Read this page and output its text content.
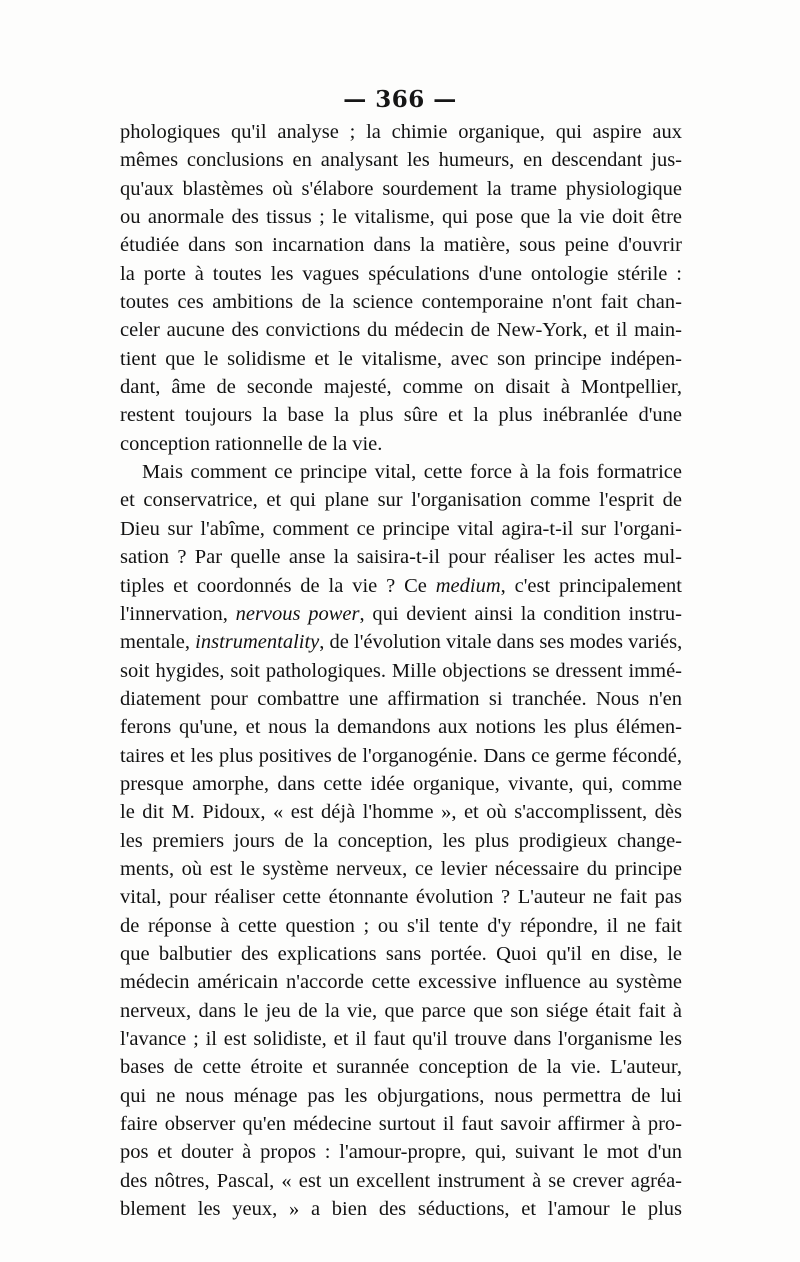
— 366 —
phologiques qu'il analyse ; la chimie organique, qui aspire aux
mêmes conclusions en analysant les humeurs, en descendant jus-
qu'aux blastèmes où s'élabore sourdement la trame physiologique
ou anormale des tissus ; le vitalisme, qui pose que la vie doit être
étudiée dans son incarnation dans la matière, sous peine d'ouvrir
la porte à toutes les vagues spéculations d'une ontologie stérile :
toutes ces ambitions de la science contemporaine n'ont fait chan-
celer aucune des convictions du médecin de New-York, et il main-
tient que le solidisme et le vitalisme, avec son principe indépen-
dant, âme de seconde majesté, comme on disait à Montpellier,
restent toujours la base la plus sûre et la plus inébranlée d'une
conception rationnelle de la vie.
Mais comment ce principe vital, cette force à la fois formatrice
et conservatrice, et qui plane sur l'organisation comme l'esprit de
Dieu sur l'abîme, comment ce principe vital agira-t-il sur l'organi-
sation ? Par quelle anse la saisira-t-il pour réaliser les actes mul-
tiples et coordonnés de la vie ? Ce medium, c'est principalement
l'innervation, nervous power, qui devient ainsi la condition instru-
mentale, instrumentality, de l'évolution vitale dans ses modes variés,
soit hygides, soit pathologiques. Mille objections se dressent immé-
diatement pour combattre une affirmation si tranchée. Nous n'en
ferons qu'une, et nous la demandons aux notions les plus élémen-
taires et les plus positives de l'organogénie. Dans ce germe fécondé,
presque amorphe, dans cette idée organique, vivante, qui, comme
le dit M. Pidoux, « est déjà l'homme », et où s'accomplissent, dès
les premiers jours de la conception, les plus prodigieux change-
ments, où est le système nerveux, ce levier nécessaire du principe
vital, pour réaliser cette étonnante évolution ? L'auteur ne fait pas
de réponse à cette question ; ou s'il tente d'y répondre, il ne fait
que balbutier des explications sans portée. Quoi qu'il en dise, le
médecin américain n'accorde cette excessive influence au système
nerveux, dans le jeu de la vie, que parce que son siége était fait à
l'avance ; il est solidiste, et il faut qu'il trouve dans l'organisme les
bases de cette étroite et surannée conception de la vie. L'auteur,
qui ne nous ménage pas les objurgations, nous permettra de lui
faire observer qu'en médecine surtout il faut savoir affirmer à pro-
pos et douter à propos : l'amour-propre, qui, suivant le mot d'un
des nôtres, Pascal, « est un excellent instrument à se crever agréa-
blement les yeux, » a bien des séductions, et l'amour le plus
